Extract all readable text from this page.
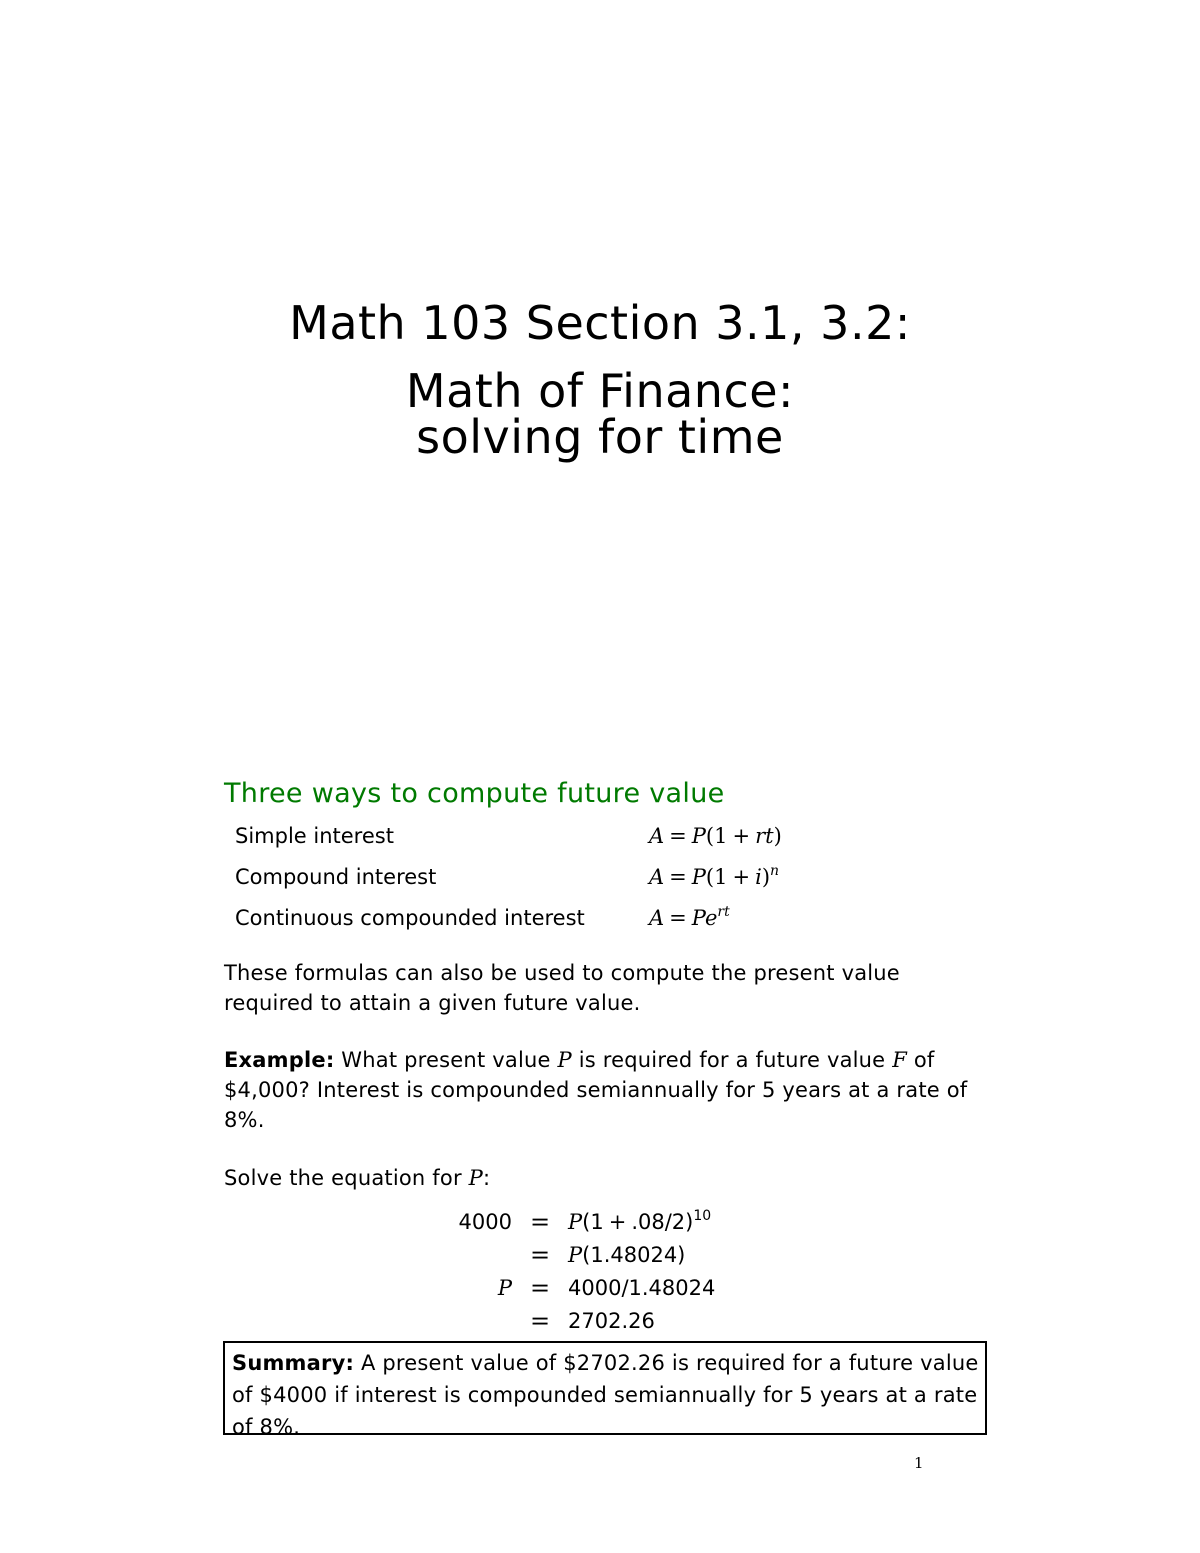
Math 103 Section 3.1, 3.2:
Math of Finance:
solving for time
Three ways to compute future value
Simple interest	A = P(1 + rt)
Compound interest	$A = P(1 + i)^n$
Continuous compounded interest	$A = Pe^{rt}$

These formulas can also be used to compute the present value required to attain a given future value.

Example: What present value P is required for a future value F of $4,000? Interest is compounded semiannually for 5 years at a rate of 8%.

Solve the equation for P:

4000	=	$P(1 + .08/2)^{10}$
	=	P(1.48024)
P	=	4000/1.48024
	=	2702.26
Summary: A present value of $2702.26 is required for a future value of $4000 if interest is compounded semiannually for 5 years at a rate of 8%.
1
